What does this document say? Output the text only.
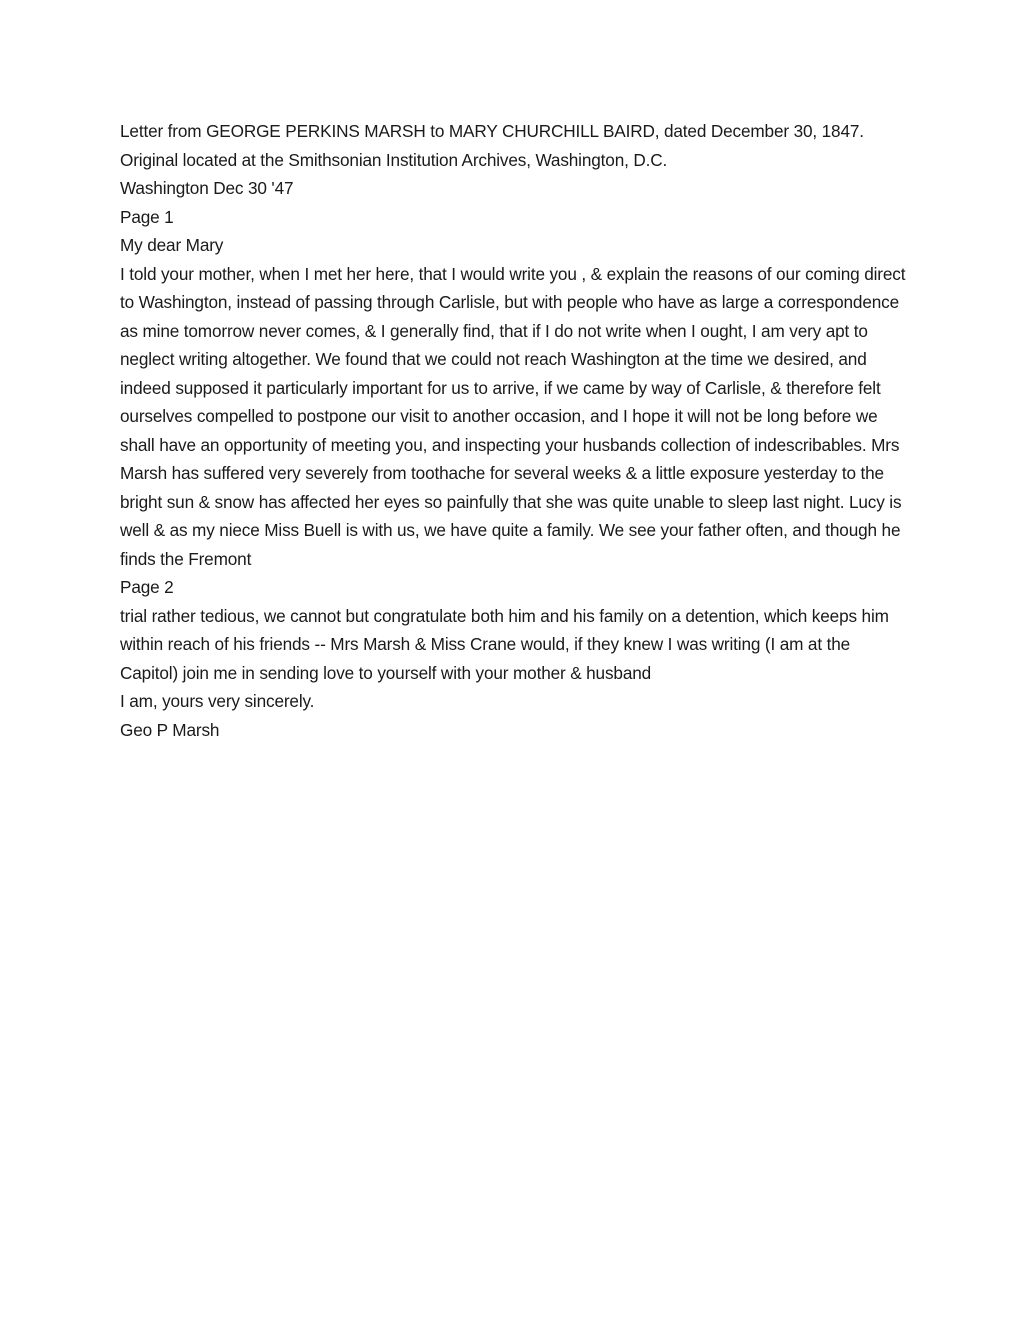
Letter from GEORGE PERKINS MARSH to MARY CHURCHILL BAIRD, dated December 30, 1847.

Original located at the Smithsonian Institution Archives, Washington, D.C.

Washington Dec 30 '47

Page 1

My dear Mary

I told your mother, when I met her here, that I would write you , & explain the reasons of our coming direct to Washington, instead of passing through Carlisle, but with people who have as large a correspondence as mine tomorrow never comes, & I generally find, that if I do not write when I ought, I am very apt to neglect writing altogether. We found that we could not reach Washington at the time we desired, and indeed supposed it particularly important for us to arrive, if we came by way of Carlisle, & therefore felt ourselves compelled to postpone our visit to another occasion, and I hope it will not be long before we shall have an opportunity of meeting you, and inspecting your husbands collection of indescribables. Mrs Marsh has suffered very severely from toothache for several weeks & a little exposure yesterday to the bright sun & snow has affected her eyes so painfully that she was quite unable to sleep last night. Lucy is well & as my niece Miss Buell is with us, we have quite a family. We see your father often, and though he finds the Fremont

Page 2

trial rather tedious, we cannot but congratulate both him and his family on a detention, which keeps him within reach of his friends -- Mrs Marsh & Miss Crane would, if they knew I was writing (I am at the Capitol) join me in sending love to yourself with your mother & husband

I am, yours very sincerely.

Geo P Marsh
